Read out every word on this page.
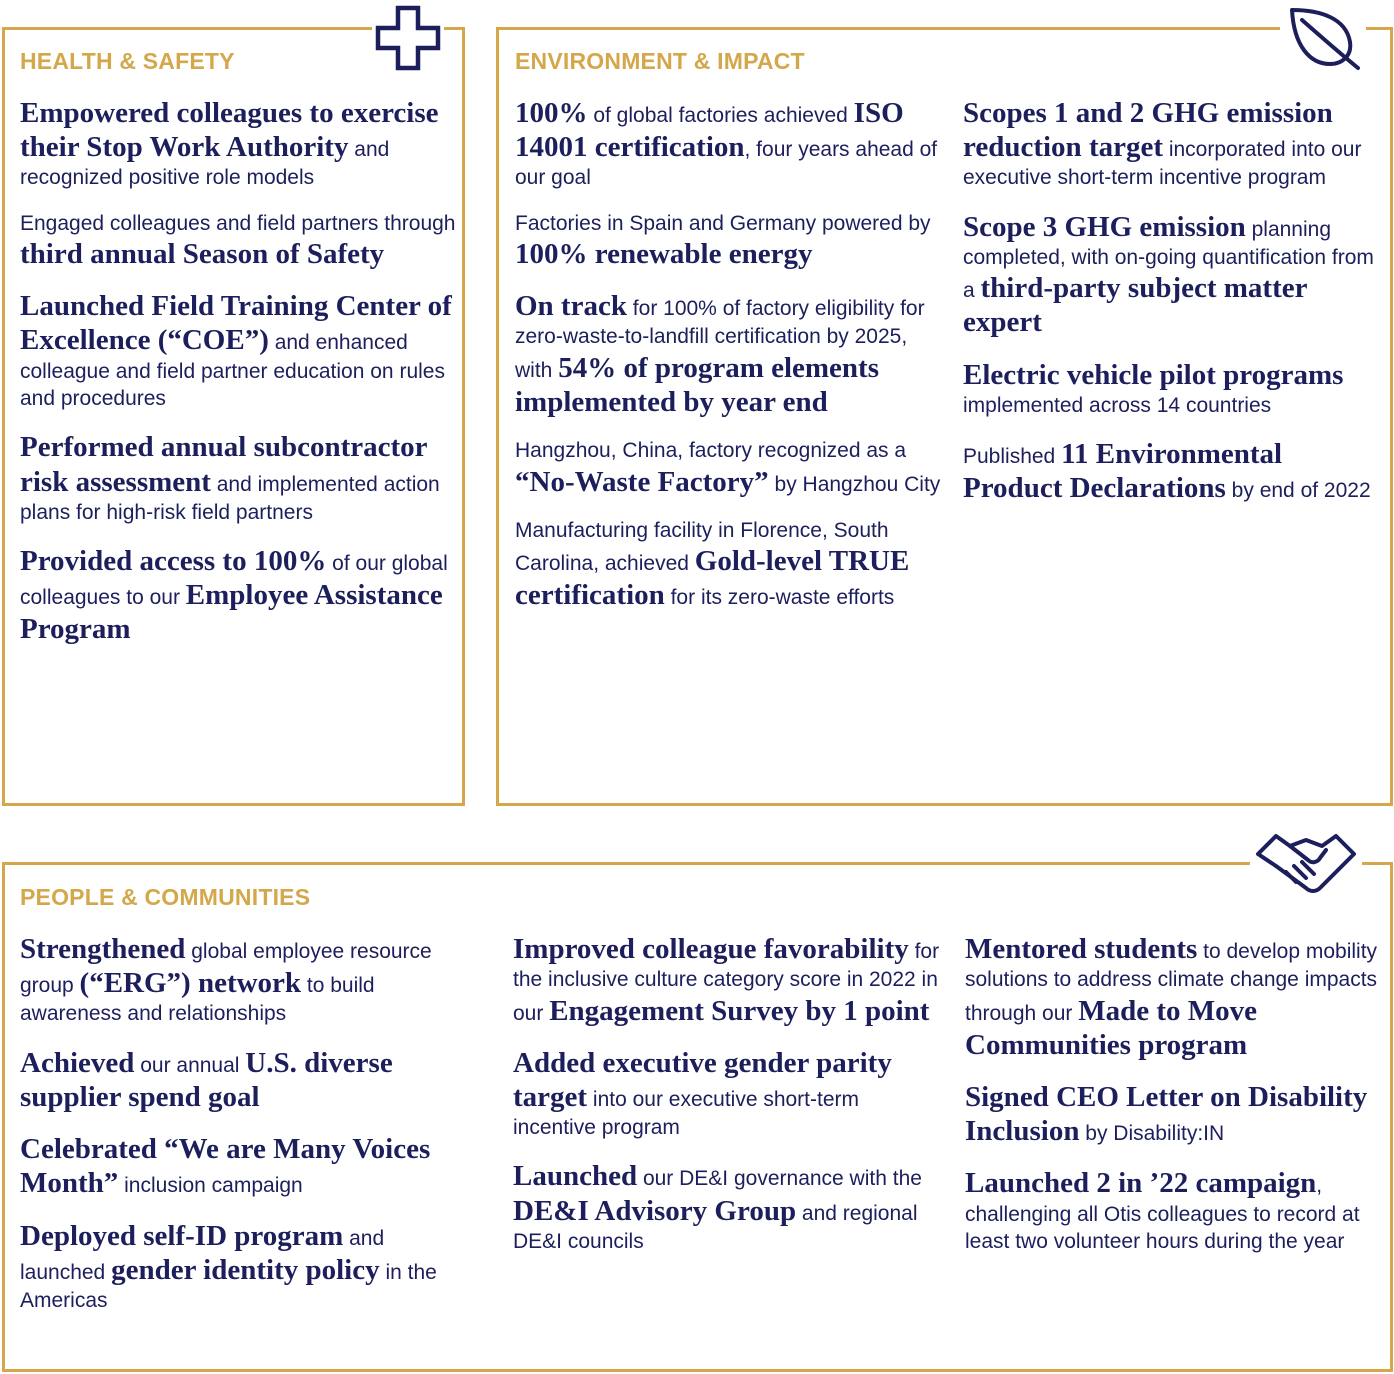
HEALTH & SAFETY

Empowered colleagues to exercise their Stop Work Authority and recognized positive role models

Engaged colleagues and field partners through third annual Season of Safety

Launched Field Training Center of Excellence (“COE”) and enhanced colleague and field partner education on rules and procedures

Performed annual subcontractor risk assessment and implemented action plans for high-risk field partners

Provided access to 100% of our global colleagues to our Employee Assistance Program

ENVIRONMENT & IMPACT

100% of global factories achieved ISO 14001 certification, four years ahead of our goal

Factories in Spain and Germany powered by 100% renewable energy

On track for 100% of factory eligibility for zero-waste-to-landfill certification by 2025, with 54% of program elements implemented by year end

Hangzhou, China, factory recognized as a “No-Waste Factory” by Hangzhou City

Manufacturing facility in Florence, South Carolina, achieved Gold-level TRUE certification for its zero-waste efforts

Scopes 1 and 2 GHG emission reduction target incorporated into our executive short-term incentive program

Scope 3 GHG emission planning completed, with on-going quantification from a third-party subject matter expert

Electric vehicle pilot programs implemented across 14 countries

Published 11 Environmental Product Declarations by end of 2022

PEOPLE & COMMUNITIES

Strengthened global employee resource group (“ERG”) network to build awareness and relationships

Achieved our annual U.S. diverse supplier spend goal

Celebrated “We are Many Voices Month” inclusion campaign

Deployed self-ID program and launched gender identity policy in the Americas

Improved colleague favorability for the inclusive culture category score in 2022 in our Engagement Survey by 1 point

Added executive gender parity target into our executive short-term incentive program

Launched our DE&I governance with the DE&I Advisory Group and regional DE&I councils

Mentored students to develop mobility solutions to address climate change impacts through our Made to Move Communities program

Signed CEO Letter on Disability Inclusion by Disability:IN

Launched 2 in ’22 campaign, challenging all Otis colleagues to record at least two volunteer hours during the year
